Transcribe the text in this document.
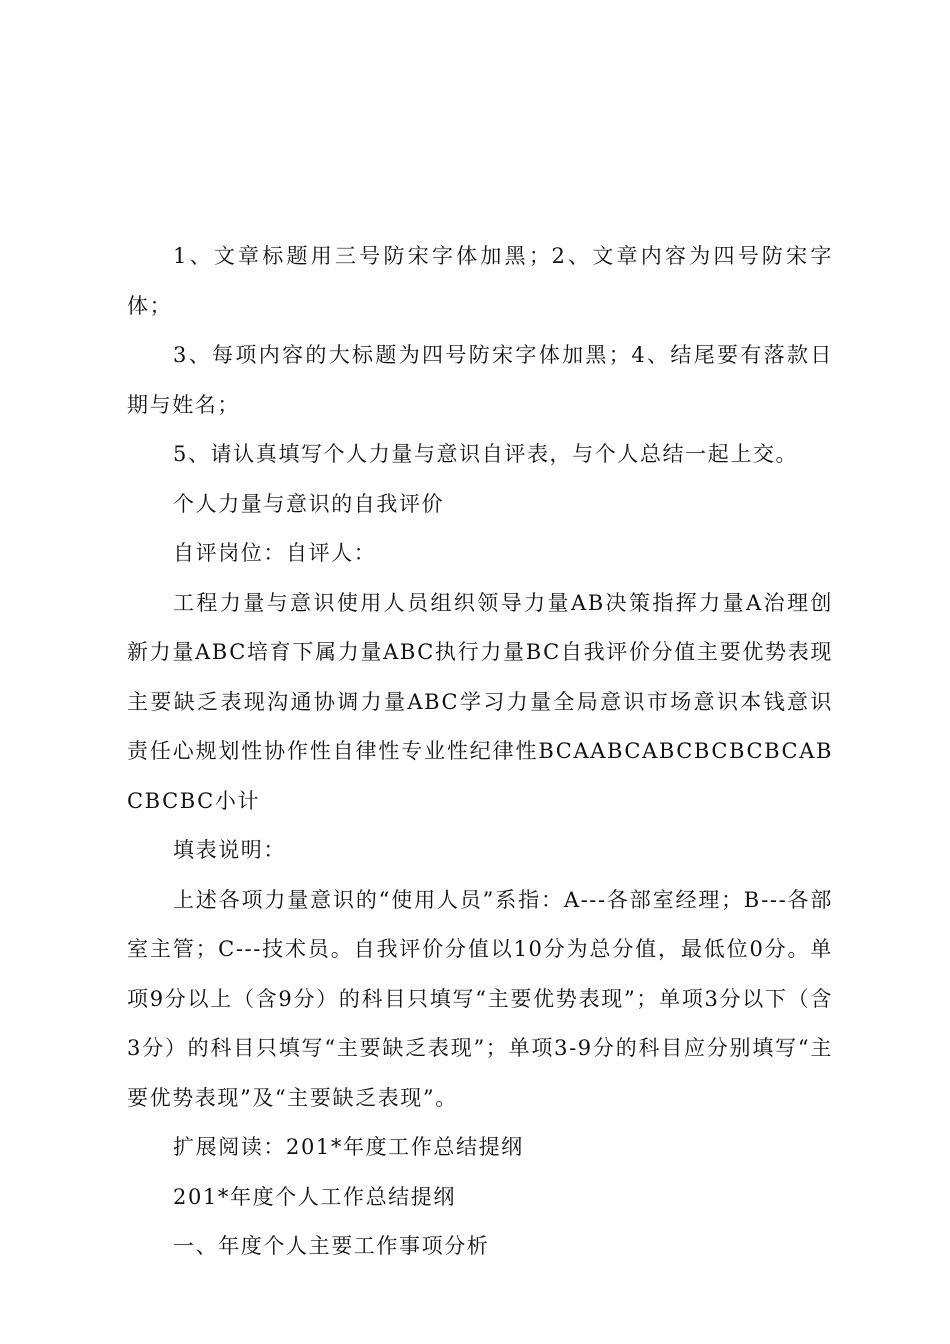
1、文章标题用三号防宋字体加黑；2、文章内容为四号防宋字体；

3、每项内容的大标题为四号防宋字体加黑；4、结尾要有落款日期与姓名；

5、请认真填写个人力量与意识自评表，与个人总结一起上交。

个人力量与意识的自我评价

自评岗位：自评人：

工程力量与意识使用人员组织领导力量AB决策指挥力量A治理创新力量ABC培育下属力量ABC执行力量BC自我评价分值主要优势表现主要缺乏表现沟通协调力量ABC学习力量全局意识市场意识本钱意识责任心规划性协作性自律性专业性纪律性BCAABCABCBCBCBCABCBCBC小计

填表说明：

上述各项力量意识的“使用人员”系指：A---各部室经理；B---各部室主管；C---技术员。自我评价分值以10分为总分值，最低位0分。单项9分以上（含9分）的科目只填写“主要优势表现”；单项3分以下（含3分）的科目只填写“主要缺乏表现”；单项3-9分的科目应分别填写“主要优势表现”及“主要缺乏表现”。

扩展阅读：201*年度工作总结提纲

201*年度个人工作总结提纲

一、年度个人主要工作事项分析
